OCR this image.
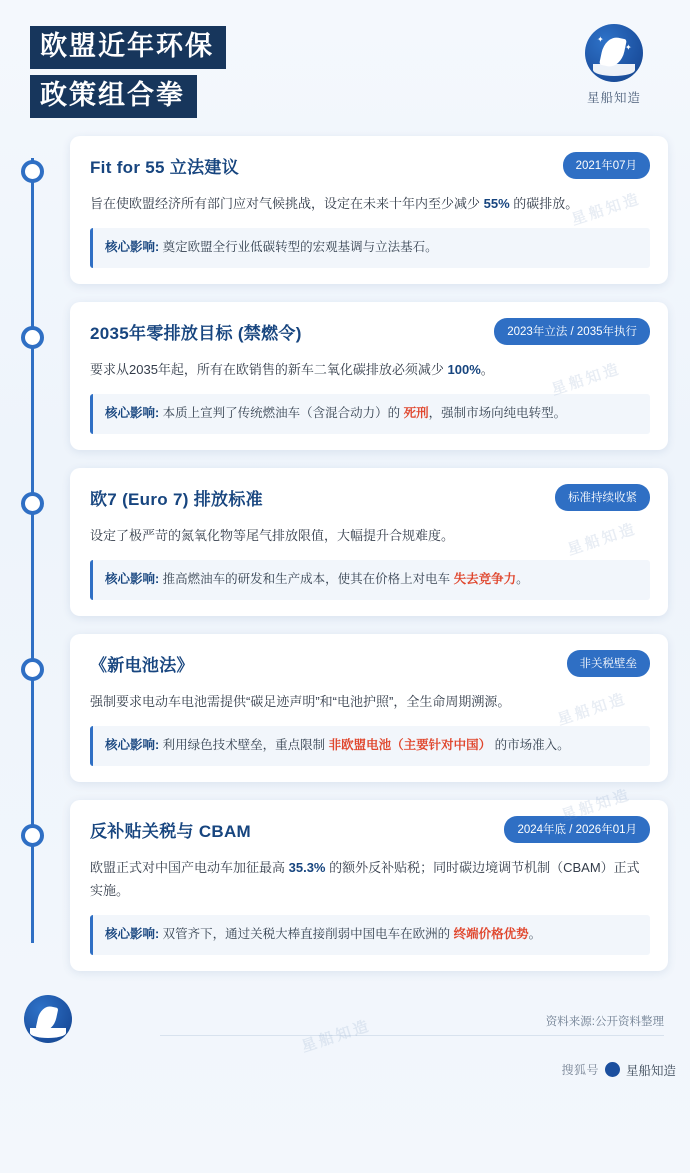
欧盟近年环保
政策组合拳
✦
✦
星船知造
星船知造
Fit for 55 立法建议	2021年07月
旨在使欧盟经济所有部门应对气候挑战，设定在未来十年内至少减少 55% 的碳排放。
核心影响: 奠定欧盟全行业低碳转型的宏观基调与立法基石。
星船知造
2035年零排放目标 (禁燃令)	2023年立法 / 2035年执行
要求从2035年起，所有在欧销售的新车二氧化碳排放必须减少 100%。
核心影响: 本质上宣判了传统燃油车（含混合动力）的 死刑，强制市场向纯电转型。
星船知造
欧7 (Euro 7) 排放标准	标准持续收紧
设定了极严苛的氮氧化物等尾气排放限值，大幅提升合规难度。
核心影响: 推高燃油车的研发和生产成本，使其在价格上对电车 失去竞争力。
星船知造
《新电池法》	非关税壁垒
强制要求电动车电池需提供“碳足迹声明”和“电池护照”，全生命周期溯源。
核心影响: 利用绿色技术壁垒，重点限制 非欧盟电池（主要针对中国） 的市场准入。
星船知造
反补贴关税与 CBAM	2024年底 / 2026年01月
欧盟正式对中国产电动车加征最高 35.3% 的额外反补贴税；同时碳边境调节机制（CBAM）正式实施。
核心影响: 双管齐下，通过关税大棒直接削弱中国电车在欧洲的 终端价格优势。
资料来源:公开资料整理
星船知造
搜狐号 星船知造
